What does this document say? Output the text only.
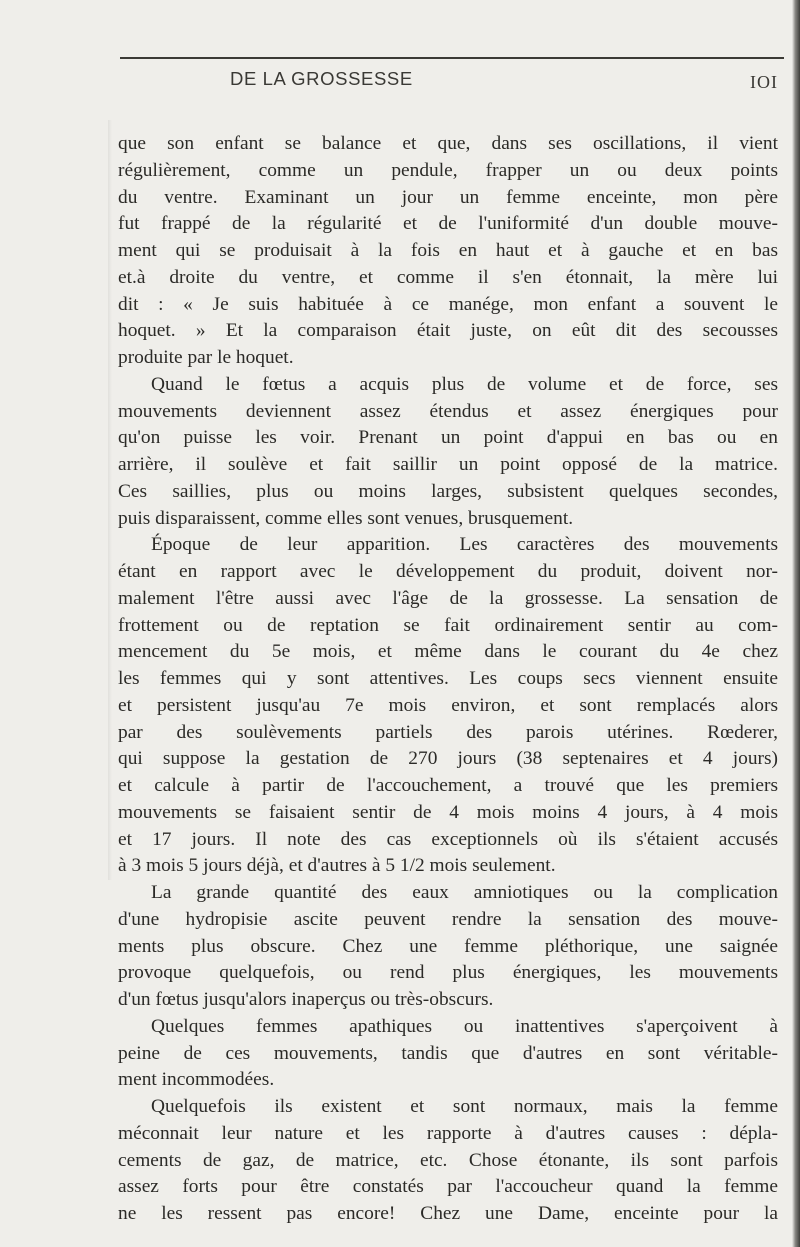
DE LA GROSSESSE	IOI
que son enfant se balance et que, dans ses oscillations, il vient
régulièrement, comme un pendule, frapper un ou deux points
du ventre. Examinant un jour un femme enceinte, mon père
fut frappé de la régularité et de l'uniformité d'un double mouve-
ment qui se produisait à la fois en haut et à gauche et en bas
et.à droite du ventre, et comme il s'en étonnait, la mère lui
dit : « Je suis habituée à ce manége, mon enfant a souvent le
hoquet. » Et la comparaison était juste, on eût dit des secousses
produite par le hoquet.
Quand le fœtus a acquis plus de volume et de force, ses
mouvements deviennent assez étendus et assez énergiques pour
qu'on puisse les voir. Prenant un point d'appui en bas ou en
arrière, il soulève et fait saillir un point opposé de la matrice.
Ces saillies, plus ou moins larges, subsistent quelques secondes,
puis disparaissent, comme elles sont venues, brusquement.
Époque de leur apparition. Les caractères des mouvements
étant en rapport avec le développement du produit, doivent nor-
malement l'être aussi avec l'âge de la grossesse. La sensation de
frottement ou de reptation se fait ordinairement sentir au com-
mencement du 5e mois, et même dans le courant du 4e chez
les femmes qui y sont attentives. Les coups secs viennent ensuite
et persistent jusqu'au 7e mois environ, et sont remplacés alors
par des soulèvements partiels des parois utérines. Rœderer,
qui suppose la gestation de 270 jours (38 septenaires et 4 jours)
et calcule à partir de l'accouchement, a trouvé que les premiers
mouvements se faisaient sentir de 4 mois moins 4 jours, à 4 mois
et 17 jours. Il note des cas exceptionnels où ils s'étaient accusés
à 3 mois 5 jours déjà, et d'autres à 5 1/2 mois seulement.
La grande quantité des eaux amniotiques ou la complication
d'une hydropisie ascite peuvent rendre la sensation des mouve-
ments plus obscure. Chez une femme pléthorique, une saignée
provoque quelquefois, ou rend plus énergiques, les mouvements
d'un fœtus jusqu'alors inaperçus ou très-obscurs.
Quelques femmes apathiques ou inattentives s'aperçoivent à
peine de ces mouvements, tandis que d'autres en sont véritable-
ment incommodées.
Quelquefois ils existent et sont normaux, mais la femme
méconnait leur nature et les rapporte à d'autres causes : dépla-
cements de gaz, de matrice, etc. Chose étonante, ils sont parfois
assez forts pour être constatés par l'accoucheur quand la femme
ne les ressent pas encore! Chez une Dame, enceinte pour la
